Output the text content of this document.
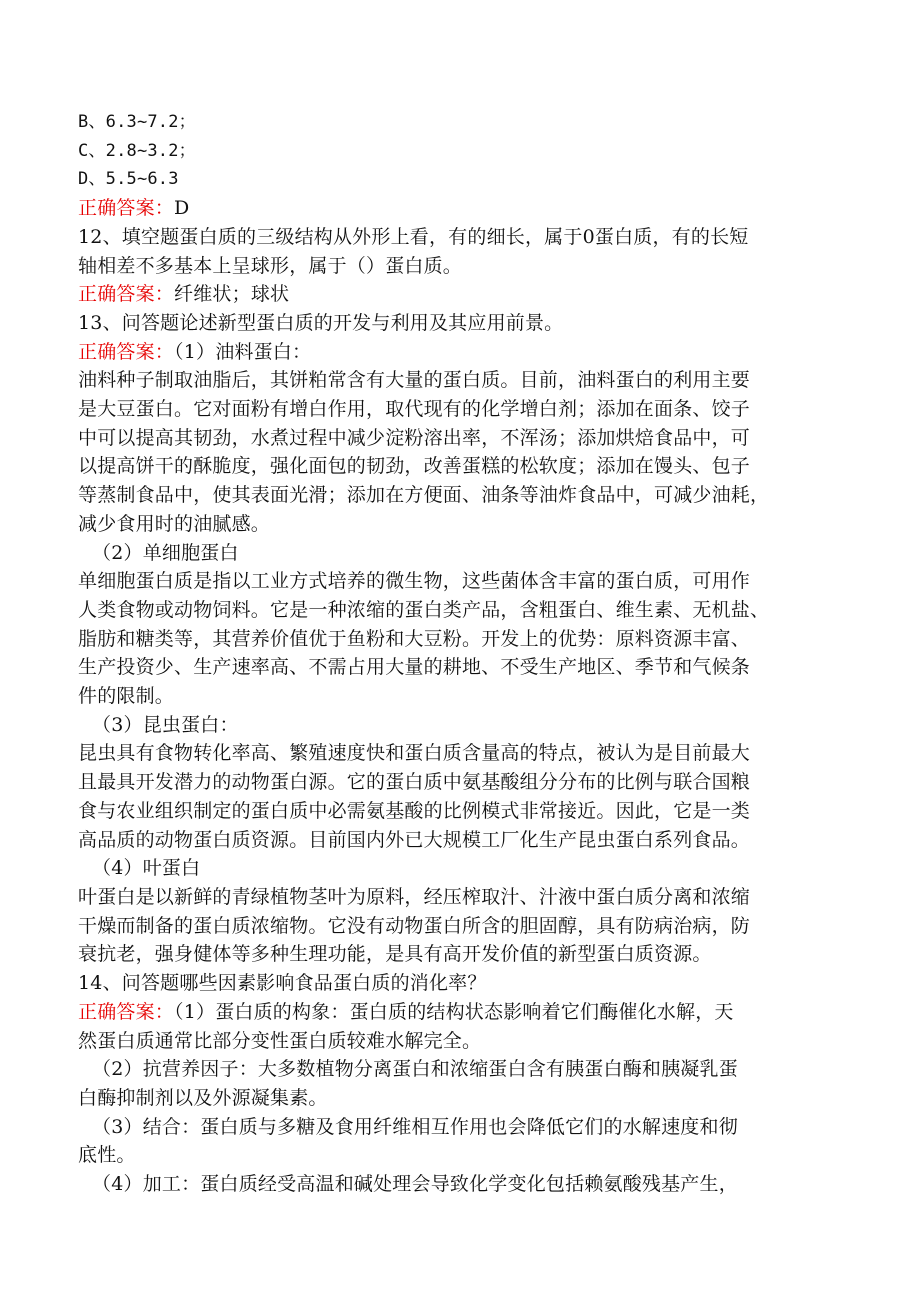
B、6.3~7.2；
C、2.8~3.2；
D、5.5~6.3
正确答案：D
12、填空题蛋白质的三级结构从外形上看，有的细长，属于0蛋白质，有的长短
轴相差不多基本上呈球形，属于（）蛋白质。
正确答案：纤维状；球状
13、问答题论述新型蛋白质的开发与利用及其应用前景。
正确答案：（1）油料蛋白：
油料种子制取油脂后，其饼粕常含有大量的蛋白质。目前，油料蛋白的利用主要
是大豆蛋白。它对面粉有增白作用，取代现有的化学增白剂；添加在面条、饺子
中可以提高其韧劲，水煮过程中减少淀粉溶出率，不浑汤；添加烘焙食品中，可
以提高饼干的酥脆度，强化面包的韧劲，改善蛋糕的松软度；添加在馒头、包子
等蒸制食品中，使其表面光滑；添加在方便面、油条等油炸食品中，可减少油耗，
减少食用时的油腻感。
（2）单细胞蛋白
单细胞蛋白质是指以工业方式培养的微生物，这些菌体含丰富的蛋白质，可用作
人类食物或动物饲料。它是一种浓缩的蛋白类产品，含粗蛋白、维生素、无机盐、
脂肪和糖类等，其营养价值优于鱼粉和大豆粉。开发上的优势：原料资源丰富、
生产投资少、生产速率高、不需占用大量的耕地、不受生产地区、季节和气候条
件的限制。
（3）昆虫蛋白：
昆虫具有食物转化率高、繁殖速度快和蛋白质含量高的特点，被认为是目前最大
且最具开发潜力的动物蛋白源。它的蛋白质中氨基酸组分分布的比例与联合国粮
食与农业组织制定的蛋白质中必需氨基酸的比例模式非常接近。因此，它是一类
高品质的动物蛋白质资源。目前国内外已大规模工厂化生产昆虫蛋白系列食品。
（4）叶蛋白
叶蛋白是以新鲜的青绿植物茎叶为原料，经压榨取汁、汁液中蛋白质分离和浓缩
干燥而制备的蛋白质浓缩物。它没有动物蛋白所含的胆固醇，具有防病治病，防
衰抗老，强身健体等多种生理功能，是具有高开发价值的新型蛋白质资源。
14、问答题哪些因素影响食品蛋白质的消化率？
正确答案：（1）蛋白质的构象：蛋白质的结构状态影响着它们酶催化水解，天
然蛋白质通常比部分变性蛋白质较难水解完全。
（2）抗营养因子：大多数植物分离蛋白和浓缩蛋白含有胰蛋白酶和胰凝乳蛋
白酶抑制剂以及外源凝集素。
（3）结合：蛋白质与多糖及食用纤维相互作用也会降低它们的水解速度和彻
底性。
（4）加工：蛋白质经受高温和碱处理会导致化学变化包括赖氨酸残基产生，
